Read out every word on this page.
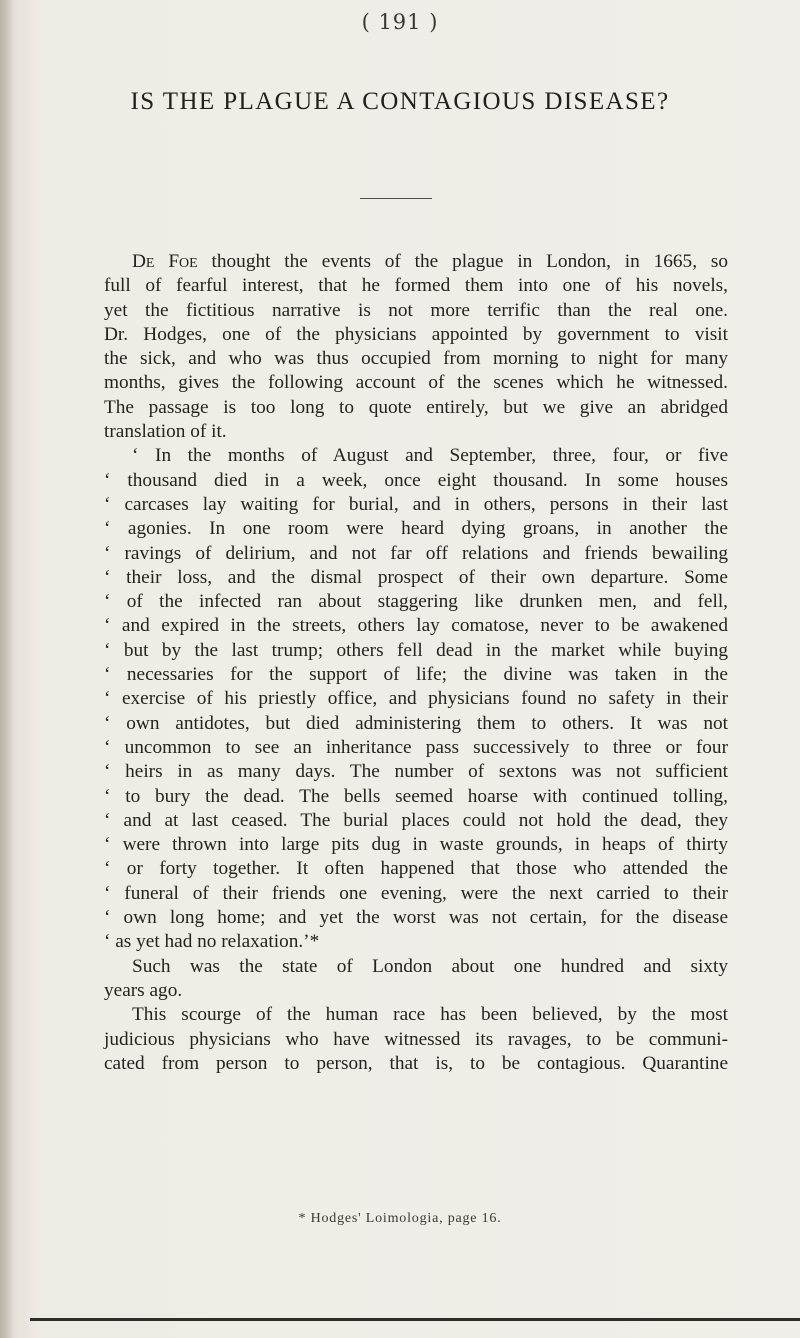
( 191 )
IS THE PLAGUE A CONTAGIOUS DISEASE?
De Foe thought the events of the plague in London, in 1665, so
full of fearful interest, that he formed them into one of his novels,
yet the fictitious narrative is not more terrific than the real one.
Dr. Hodges, one of the physicians appointed by government to visit
the sick, and who was thus occupied from morning to night for many
months, gives the following account of the scenes which he witnessed.
The passage is too long to quote entirely, but we give an abridged
translation of it.
‘ In the months of August and September, three, four, or five
‘ thousand died in a week, once eight thousand. In some houses
‘ carcases lay waiting for burial, and in others, persons in their last
‘ agonies. In one room were heard dying groans, in another the
‘ ravings of delirium, and not far off relations and friends bewailing
‘ their loss, and the dismal prospect of their own departure. Some
‘ of the infected ran about staggering like drunken men, and fell,
‘ and expired in the streets, others lay comatose, never to be awakened
‘ but by the last trump; others fell dead in the market while buying
‘ necessaries for the support of life; the divine was taken in the
‘ exercise of his priestly office, and physicians found no safety in their
‘ own antidotes, but died administering them to others. It was not
‘ uncommon to see an inheritance pass successively to three or four
‘ heirs in as many days. The number of sextons was not sufficient
‘ to bury the dead. The bells seemed hoarse with continued tolling,
‘ and at last ceased. The burial places could not hold the dead, they
‘ were thrown into large pits dug in waste grounds, in heaps of thirty
‘ or forty together. It often happened that those who attended the
‘ funeral of their friends one evening, were the next carried to their
‘ own long home; and yet the worst was not certain, for the disease
‘ as yet had no relaxation.’*
Such was the state of London about one hundred and sixty
years ago.
This scourge of the human race has been believed, by the most
judicious physicians who have witnessed its ravages, to be communi-
cated from person to person, that is, to be contagious. Quarantine
* Hodges' Loimologia, page 16.
